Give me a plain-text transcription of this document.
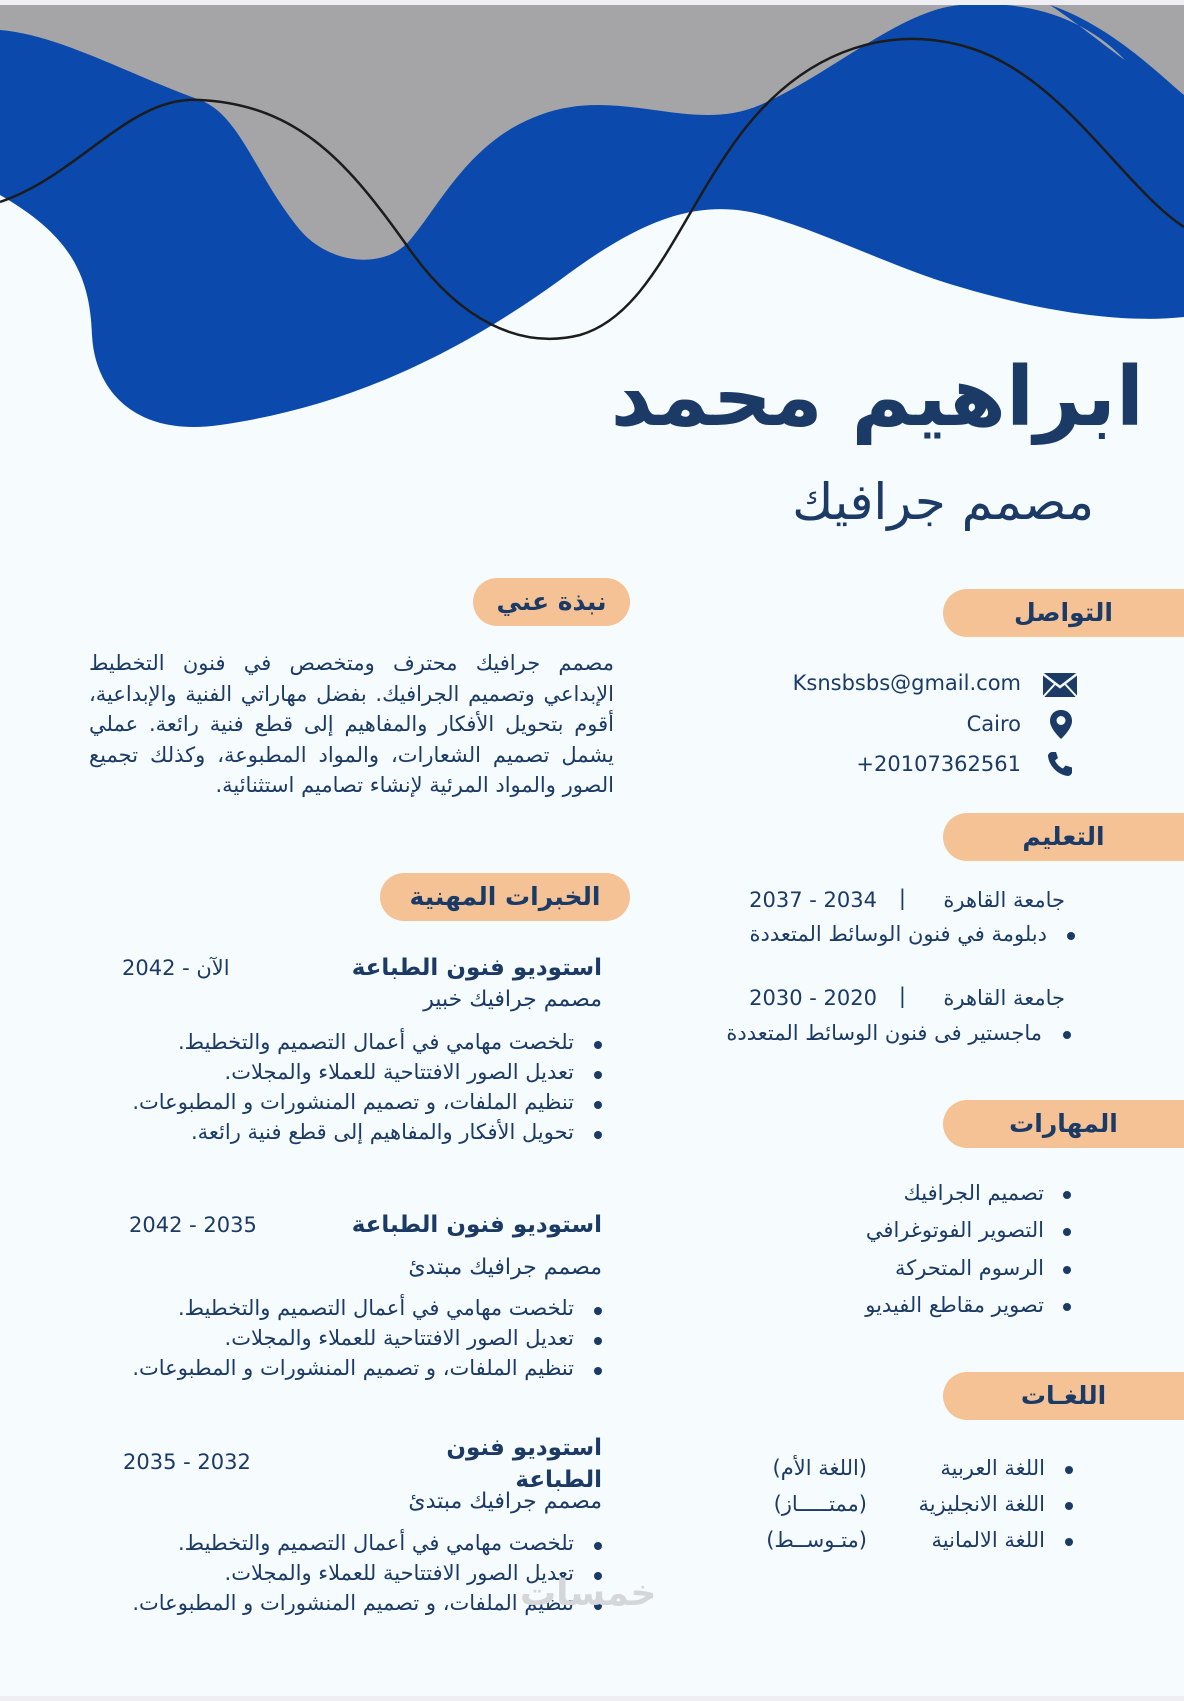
ابراهيم محمد
مصمم جرافيك
التواصل
Ksnsbsbs@gmail.com
Cairo
+20107362561
التعليم
جامعة القاهرة
|
2037 - 2034
دبلومة في فنون الوسائط المتعددة
جامعة القاهرة
|
2030 - 2020
ماجستير فى فنون الوسائط المتعددة
المهارات
تصميم الجرافيك
التصوير الفوتوغرافي
الرسوم المتحركة
تصوير مقاطع الفيديو
اللغـات
اللغة العربية
(اللغة الأم)
اللغة الانجليزية
(ممتـــــاز)
اللغة الالمانية
(متـوســط)
نبذة عني

مصمم جرافيك محترف ومتخصص في فنون التخطيط الإبداعي وتصميم الجرافيك. بفضل مهاراتي الفنية والإبداعية، أقوم بتحويل الأفكار والمفاهيم إلى قطع فنية رائعة. عملي يشمل تصميم الشعارات، والمواد المطبوعة، وكذلك تجميع الصور والمواد المرئية لإنشاء تصاميم استثنائية.

الخبرات المهنية
استوديو فنون الطباعة
2042 - الآن
مصمم جرافيك خبير
تلخصت مهامي في أعمال التصميم والتخطيط.
تعديل الصور الافتتاحية للعملاء والمجلات.
تنظيم الملفات، و تصميم المنشورات و المطبوعات.
تحويل الأفكار والمفاهيم إلى قطع فنية رائعة.
استوديو فنون الطباعة
2042 - 2035
مصمم جرافيك مبتدئ
تلخصت مهامي في أعمال التصميم والتخطيط.
تعديل الصور الافتتاحية للعملاء والمجلات.
تنظيم الملفات، و تصميم المنشورات و المطبوعات.
استوديو فنون
الطباعة
2035 - 2032
مصمم جرافيك مبتدئ
تلخصت مهامي في أعمال التصميم والتخطيط.
تعديل الصور الافتتاحية للعملاء والمجلات.
تنظيم الملفات، و تصميم المنشورات و المطبوعات.
خمسات
